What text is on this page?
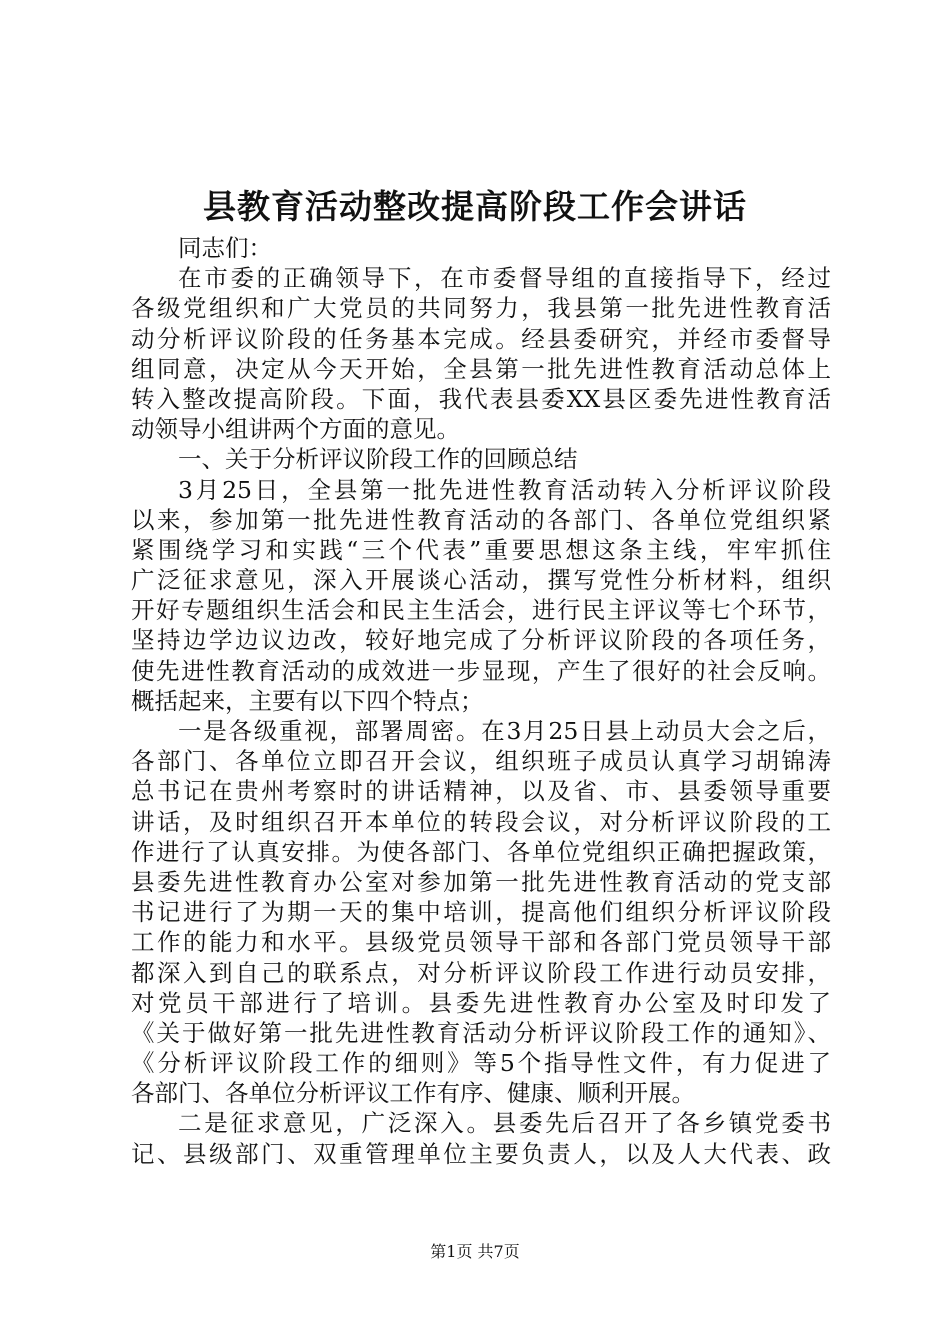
县教育活动整改提高阶段工作会讲话
同志们：
在市委的正确领导下，在市委督导组的直接指导下，经过
各级党组织和广大党员的共同努力，我县第一批先进性教育活
动分析评议阶段的任务基本完成。经县委研究，并经市委督导
组同意，决定从今天开始，全县第一批先进性教育活动总体上
转入整改提高阶段。下面，我代表县委XX县区委先进性教育活
动领导小组讲两个方面的意见。
一、关于分析评议阶段工作的回顾总结
3月25日，全县第一批先进性教育活动转入分析评议阶段
以来，参加第一批先进性教育活动的各部门、各单位党组织紧
紧围绕学习和实践“三个代表”重要思想这条主线，牢牢抓住
广泛征求意见，深入开展谈心活动，撰写党性分析材料，组织
开好专题组织生活会和民主生活会，进行民主评议等七个环节，
坚持边学边议边改，较好地完成了分析评议阶段的各项任务，
使先进性教育活动的成效进一步显现，产生了很好的社会反响。
概括起来，主要有以下四个特点；
一是各级重视，部署周密。在3月25日县上动员大会之后，
各部门、各单位立即召开会议，组织班子成员认真学习胡锦涛
总书记在贵州考察时的讲话精神，以及省、市、县委领导重要
讲话，及时组织召开本单位的转段会议，对分析评议阶段的工
作进行了认真安排。为使各部门、各单位党组织正确把握政策，
县委先进性教育办公室对参加第一批先进性教育活动的党支部
书记进行了为期一天的集中培训，提高他们组织分析评议阶段
工作的能力和水平。县级党员领导干部和各部门党员领导干部
都深入到自己的联系点，对分析评议阶段工作进行动员安排，
对党员干部进行了培训。县委先进性教育办公室及时印发了
《关于做好第一批先进性教育活动分析评议阶段工作的通知》、
《分析评议阶段工作的细则》等5个指导性文件，有力促进了
各部门、各单位分析评议工作有序、健康、顺利开展。
二是征求意见，广泛深入。县委先后召开了各乡镇党委书
记、县级部门、双重管理单位主要负责人，以及人大代表、政
第1页 共7页
